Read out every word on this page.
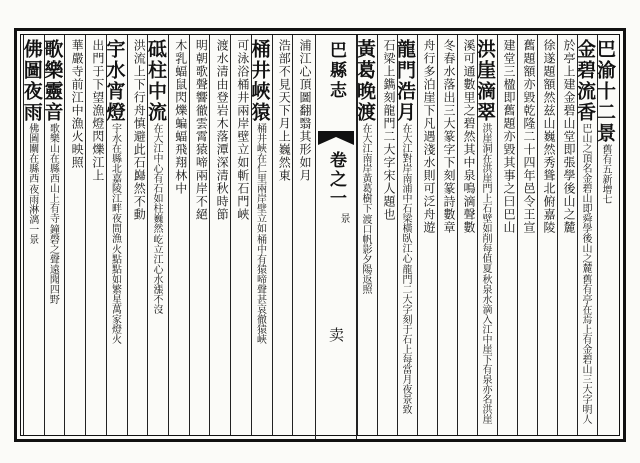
巴縣志
卷之一
景
卖
巴渝十二景
舊有五新增七
金碧流香
巴山之頂名金碧山即舜學後山之麓
舊有亭在焉上有金碧山三大字明人
於亭上建金碧山堂即張學後山之麓
徐遂題額然兹山巍然秀聳北俯嘉陵
舊題額亦毀乾隆二十四年邑令王宣
建堂三楹即舊題亦毀其事之曰巴山
洪崖滴翠
洪崖洞在洪崖門上石壁如削每值夏
秋泉水滴入江中崖下有泉亦名洪崖
溪可通數里之碧然其中泉鳴滴聲數
冬春水落出三大篆字下刻篆詩數章
舟行多泊崖下凡遇淺水則可泛舟遊
龍門浩月
在大江對岸南浦中石梁橫臥江心
龍門二大字刻于石上每當月夜景致
石梁上鐫刻龍門二大字宋人題也
黃葛晚渡
在大江南岸黃葛樹下
渡口帆影夕陽返照
浦江心頂圖翻翳其形如月
浩部不見天下月上巍然東
桶井峽猿
桶井峽在仁里兩岸壁立如
桶中有猿啼聲甚哀徹猿峽
可泳浴桶井兩岸壁立如斬石門峽
渡水清由登岩木落潭深清秋時節
明朝歌聲響徹雲霄猿啼兩岸不絕
木乳蝠鼠閃爍蝙蝠飛翔林中
砥柱中流
在大江中心有石如柱巍然
屹立江心水漲不沒
洪流上下行舟慎避此石巋然不動
宇水宵燈
宇水在縣北嘉陵江畔夜間漁
火點點如繁星萬家燈火
出門于下望漁燈閃爍江上
華嚴寺前江中漁火映照
歌樂靈音
歌樂山在縣西山上有寺
鐘磬之聲遠聞四野
佛圖夜雨
佛圖關在縣西
夜雨淋漓一景
